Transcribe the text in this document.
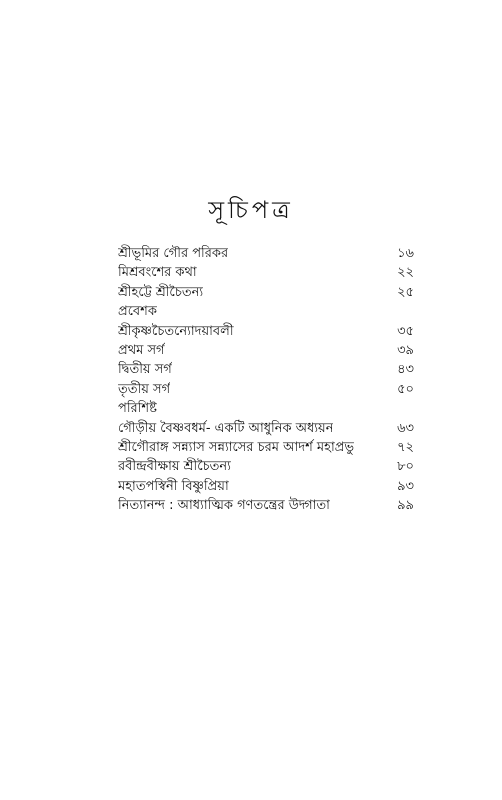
সূচিপত্র
শ্রীভূমির গৌর পরিকর	১৬
মিশ্রবংশের কথা	২২
শ্রীহট্টে শ্রীচৈতন্য	২৫
প্রবেশক
শ্রীকৃষ্ণচৈতন্যোদয়াবলী	৩৫
প্রথম সর্গ	৩৯
দ্বিতীয় সর্গ	৪৩
তৃতীয় সর্গ	৫০
পরিশিষ্ট
গৌড়ীয় বৈষ্ণবধর্ম- একটি আধুনিক অধ্যয়ন	৬৩
শ্রীগৌরাঙ্গ সন্ন্যাস সন্ন্যাসের চরম আদর্শ মহাপ্রভু	৭২
রবীন্দ্রবীক্ষায় শ্রীচৈতন্য	৮০
মহাতপস্বিনী বিষ্ণুপ্রিয়া	৯৩
নিত্যানন্দ : আধ্যাত্মিক গণতন্ত্রের উদ্গাতা	৯৯
